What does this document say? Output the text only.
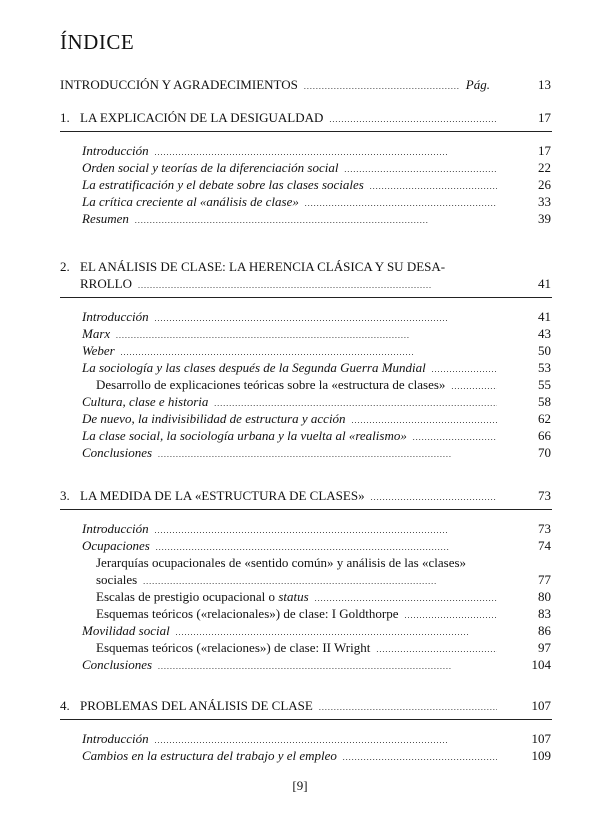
ÍNDICE
INTRODUCCIÓN Y AGRADECIMIENTOS . . .	Pág.	13
1. LA EXPLICACIÓN DE LA DESIGUALDAD . . .	17
Introducción . . .	17
Orden social y teorías de la diferenciación social . . .	22
La estratificación y el debate sobre las clases sociales . . .	26
La crítica creciente al «análisis de clase» . . .	33
Resumen . . .	39
2. EL ANÁLISIS DE CLASE: LA HERENCIA CLÁSICA Y SU DESA-
RROLLO . . .	41
Introducción . . .	41
Marx . . .	43
Weber . . .	50
La sociología y las clases después de la Segunda Guerra Mundial . . .	53
Desarrollo de explicaciones teóricas sobre la «estructura de clases» . . .	55
Cultura, clase e historia . . .	58
De nuevo, la indivisibilidad de estructura y acción . . .	62
La clase social, la sociología urbana y la vuelta al «realismo» . . .	66
Conclusiones . . .	70
3. LA MEDIDA DE LA «ESTRUCTURA DE CLASES» . . .	73
Introducción . . .	73
Ocupaciones . . .	74
Jerarquías ocupacionales de «sentido común» y análisis de las «clases»
sociales . . .	77
Escalas de prestigio ocupacional o status . . .	80
Esquemas teóricos («relacionales») de clase: I Goldthorpe . . .	83
Movilidad social . . .	86
Esquemas teóricos («relaciones») de clase: II Wright . . .	97
Conclusiones . . .	104
4. PROBLEMAS DEL ANÁLISIS DE CLASE . . .	107
Introducción . . .	107
Cambios en la estructura del trabajo y el empleo . . .	109
[9]
